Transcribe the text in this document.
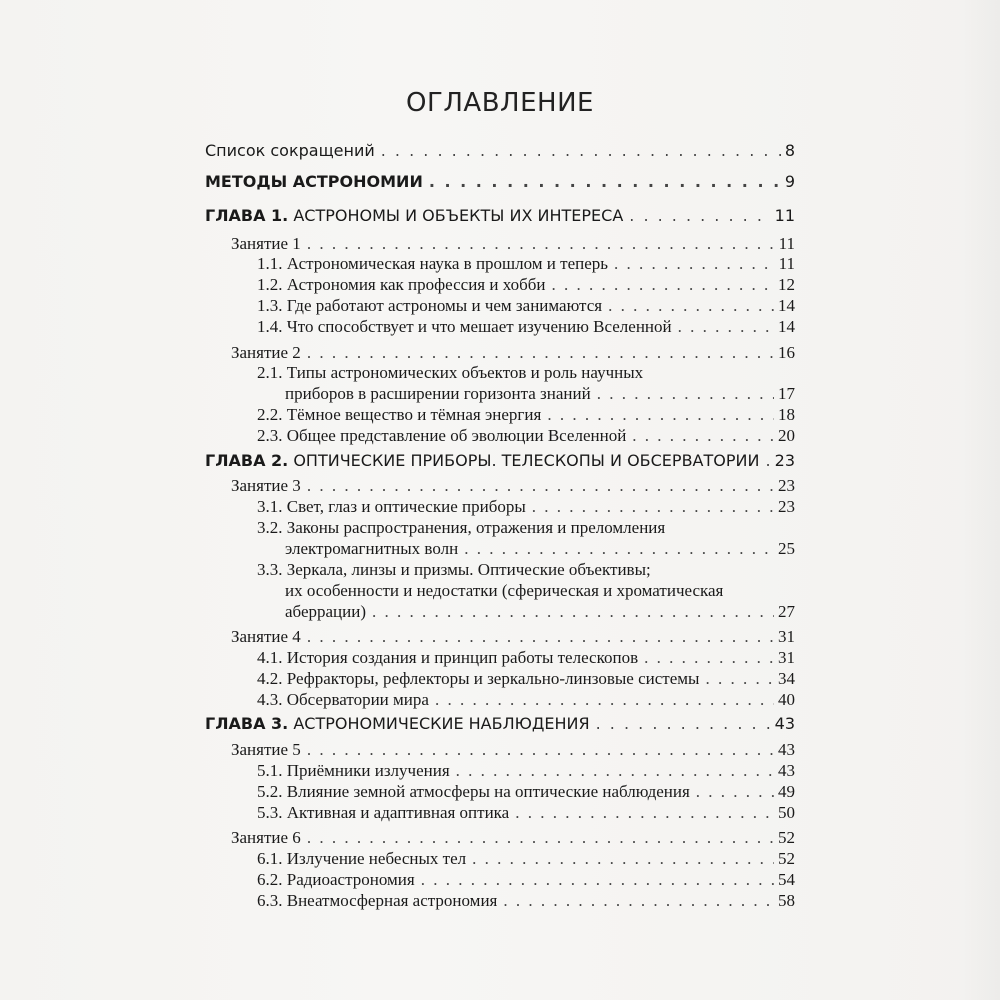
ОГЛАВЛЕНИЕ
Список сокращений . . .	8
МЕТОДЫ АСТРОНОМИИ . . .	9
ГЛАВА 1. АСТРОНОМЫ И ОБЪЕКТЫ ИХ ИНТЕРЕСА . . .	11
Занятие 1 . . .	11
1.1. Астрономическая наука в прошлом и теперь . . .	11
1.2. Астрономия как профессия и хобби . . .	12
1.3. Где работают астрономы и чем занимаются . . .	14
1.4. Что способствует и что мешает изучению Вселенной . . .	14
Занятие 2 . . .	16
2.1. Типы астрономических объектов и роль научных
приборов в расширении горизонта знаний . . .	17
2.2. Тёмное вещество и тёмная энергия . . .	18
2.3. Общее представление об эволюции Вселенной . . .	20
ГЛАВА 2. ОПТИЧЕСКИЕ ПРИБОРЫ. ТЕЛЕСКОПЫ И ОБСЕРВАТОРИИ . . . 23
Занятие 3 . . .	23
3.1. Свет, глаз и оптические приборы . . .	23
3.2. Законы распространения, отражения и преломления
электромагнитных волн . . .	25
3.3. Зеркала, линзы и призмы. Оптические объективы;
их особенности и недостатки (сферическая и хроматическая
аберрации) . . .	27
Занятие 4 . . .	31
4.1. История создания и принцип работы телескопов . . .	31
4.2. Рефракторы, рефлекторы и зеркально-линзовые системы . . .	34
4.3. Обсерватории мира . . .	40
ГЛАВА 3. АСТРОНОМИЧЕСКИЕ НАБЛЮДЕНИЯ . . .	43
Занятие 5 . . .	43
5.1. Приёмники излучения . . .	43
5.2. Влияние земной атмосферы на оптические наблюдения . . .	49
5.3. Активная и адаптивная оптика . . .	50
Занятие 6 . . .	52
6.1. Излучение небесных тел . . .	52
6.2. Радиоастрономия . . .	54
6.3. Внеатмосферная астрономия . . .	58
